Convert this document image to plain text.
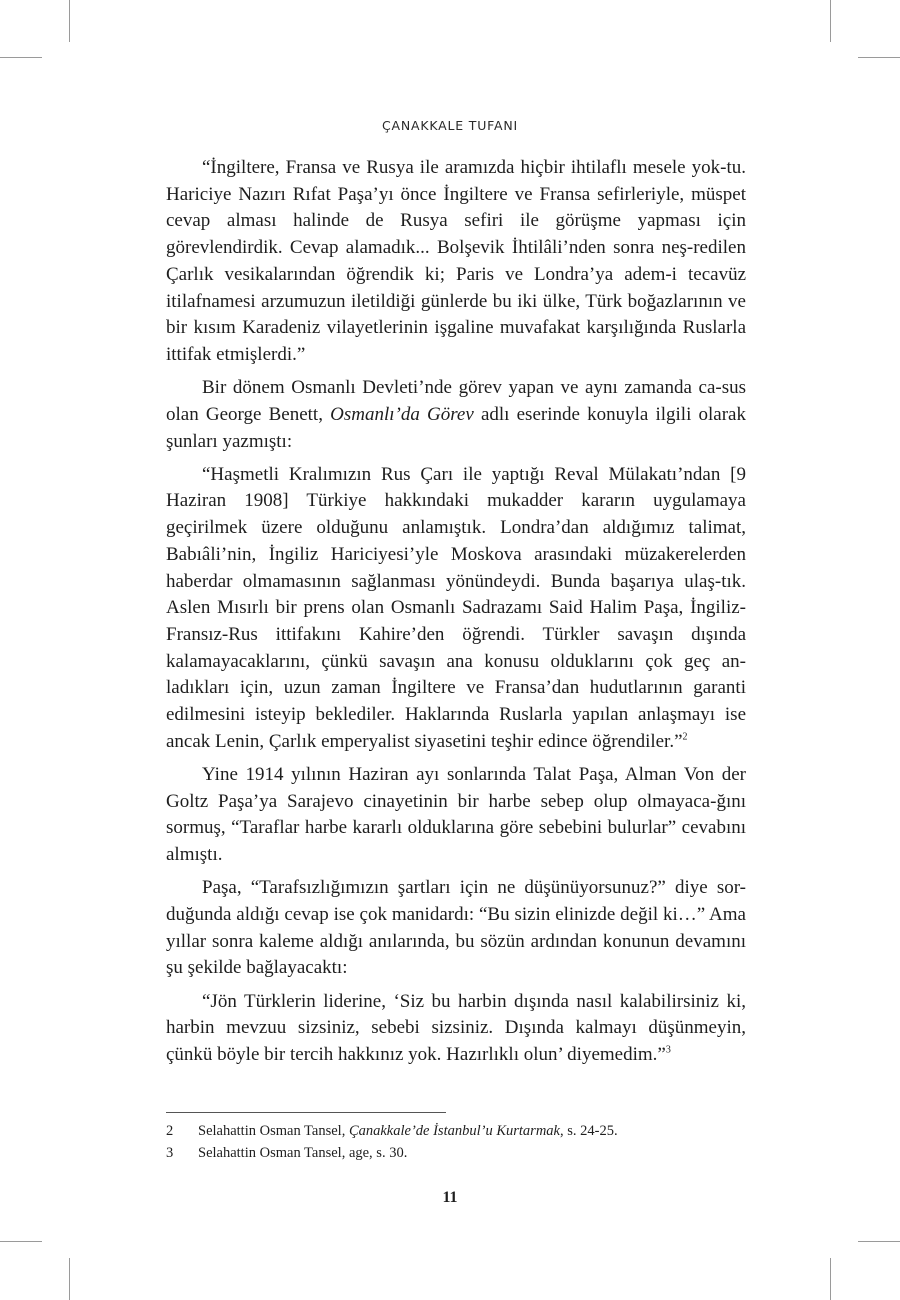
ÇANAKKALE TUFANI

“İngiltere, Fransa ve Rusya ile aramızda hiçbir ihtilaflı mesele yok-tu. Hariciye Nazırı Rıfat Paşa’yı önce İngiltere ve Fransa sefirleriyle, müspet cevap alması halinde de Rusya sefiri ile görüşme yapması için görevlendirdik. Cevap alamadık... Bolşevik İhtilâli’nden sonra neş-redilen Çarlık vesikalarından öğrendik ki; Paris ve Londra’ya adem-i tecavüz itilafnamesi arzumuzun iletildiği günlerde bu iki ülke, Türk boğazlarının ve bir kısım Karadeniz vilayetlerinin işgaline muvafakat karşılığında Ruslarla ittifak etmişlerdi.”

Bir dönem Osmanlı Devleti’nde görev yapan ve aynı zamanda ca-sus olan George Benett, Osmanlı’da Görev adlı eserinde konuyla ilgili olarak şunları yazmıştı:

“Haşmetli Kralımızın Rus Çarı ile yaptığı Reval Mülakatı’ndan [9 Haziran 1908] Türkiye hakkındaki mukadder kararın uygulamaya geçirilmek üzere olduğunu anlamıştık. Londra’dan aldığımız talimat, Babıâli’nin, İngiliz Hariciyesi’yle Moskova arasındaki müzakerelerden haberdar olmamasının sağlanması yönündeydi. Bunda başarıya ulaş-tık. Aslen Mısırlı bir prens olan Osmanlı Sadrazamı Said Halim Paşa, İngiliz-Fransız-Rus ittifakını Kahire’den öğrendi. Türkler savaşın dışında kalamayacaklarını, çünkü savaşın ana konusu olduklarını çok geç an-ladıkları için, uzun zaman İngiltere ve Fransa’dan hudutlarının garanti edilmesini isteyip beklediler. Haklarında Ruslarla yapılan anlaşmayı ise ancak Lenin, Çarlık emperyalist siyasetini teşhir edince öğrendiler.”$^2$

Yine 1914 yılının Haziran ayı sonlarında Talat Paşa, Alman Von der Goltz Paşa’ya Sarajevo cinayetinin bir harbe sebep olup olmayaca-ğını sormuş, “Taraflar harbe kararlı olduklarına göre sebebini bulurlar” cevabını almıştı.

Paşa, “Tarafsızlığımızın şartları için ne düşünüyorsunuz?” diye sor-duğunda aldığı cevap ise çok manidardı: “Bu sizin elinizde değil ki…” Ama yıllar sonra kaleme aldığı anılarında, bu sözün ardından konunun devamını şu şekilde bağlayacaktı:

“Jön Türklerin liderine, ‘Siz bu harbin dışında nasıl kalabilirsiniz ki, harbin mevzuu sizsiniz, sebebi sizsiniz. Dışında kalmayı düşünmeyin, çünkü böyle bir tercih hakkınız yok. Hazırlıklı olun’ diyemedim.”$^3$

2	Selahattin Osman Tansel, Çanakkale’de İstanbul’u Kurtarmak, s. 24-25.
3	Selahattin Osman Tansel, age, s. 30.
11
